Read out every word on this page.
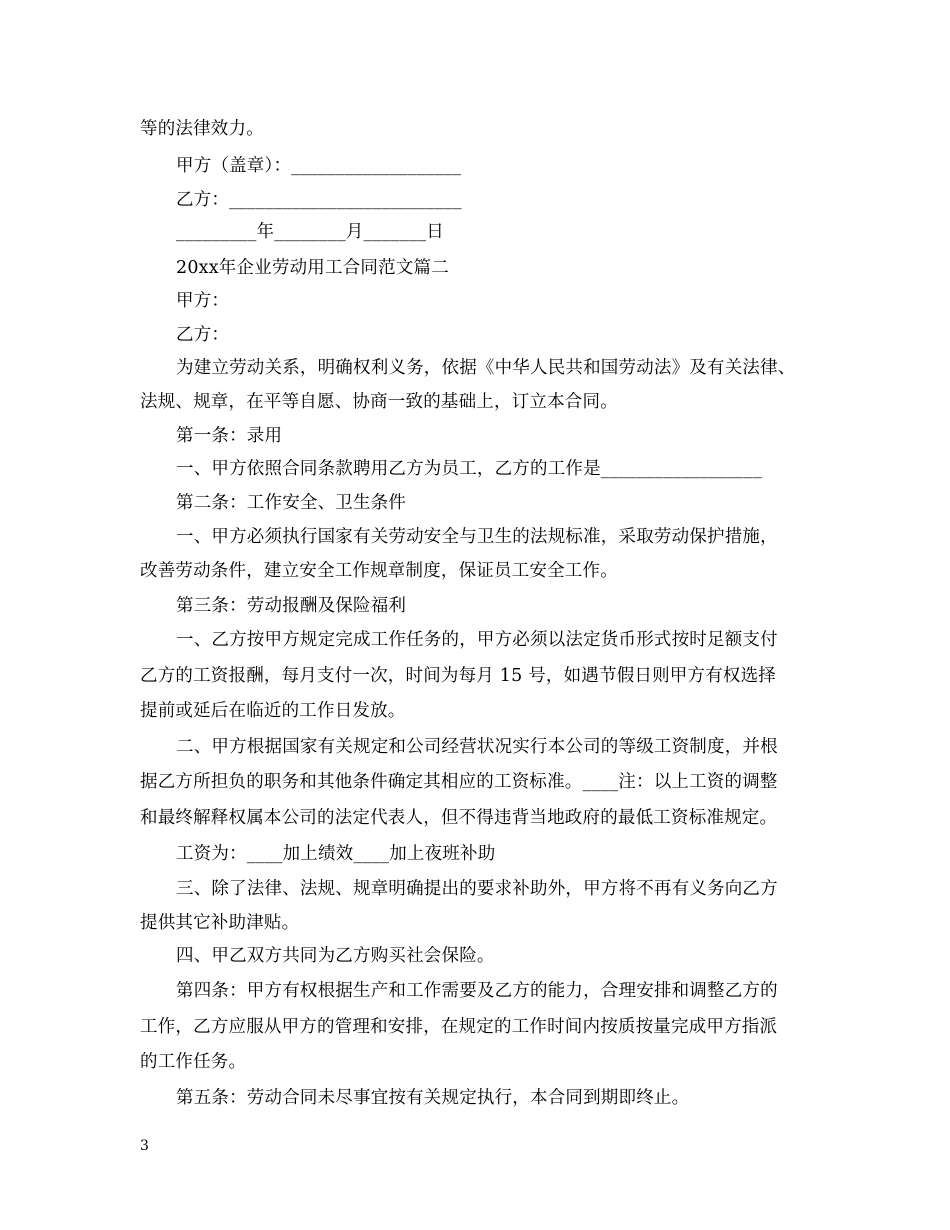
等的法律效力。
甲方（盖章）：___________________
乙方：__________________________
_________年________月_______日
20xx年企业劳动用工合同范文篇二
甲方：
乙方：
为建立劳动关系，明确权利义务，依据《中华人民共和国劳动法》及有关法律、
法规、规章，在平等自愿、协商一致的基础上，订立本合同。
第一条：录用
一、甲方依照合同条款聘用乙方为员工，乙方的工作是__________________
第二条：工作安全、卫生条件
一、甲方必须执行国家有关劳动安全与卫生的法规标准，采取劳动保护措施，
改善劳动条件，建立安全工作规章制度，保证员工安全工作。
第三条：劳动报酬及保险福利
一、乙方按甲方规定完成工作任务的，甲方必须以法定货币形式按时足额支付
乙方的工资报酬，每月支付一次，时间为每月 15 号，如遇节假日则甲方有权选择
提前或延后在临近的工作日发放。
二、甲方根据国家有关规定和公司经营状况实行本公司的等级工资制度，并根
据乙方所担负的职务和其他条件确定其相应的工资标准。____注：以上工资的调整
和最终解释权属本公司的法定代表人，但不得违背当地政府的最低工资标准规定。
工资为：____加上绩效____加上夜班补助
三、除了法律、法规、规章明确提出的要求补助外，甲方将不再有义务向乙方
提供其它补助津贴。
四、甲乙双方共同为乙方购买社会保险。
第四条：甲方有权根据生产和工作需要及乙方的能力，合理安排和调整乙方的
工作，乙方应服从甲方的管理和安排，在规定的工作时间内按质按量完成甲方指派
的工作任务。
第五条：劳动合同未尽事宜按有关规定执行，本合同到期即终止。
3
